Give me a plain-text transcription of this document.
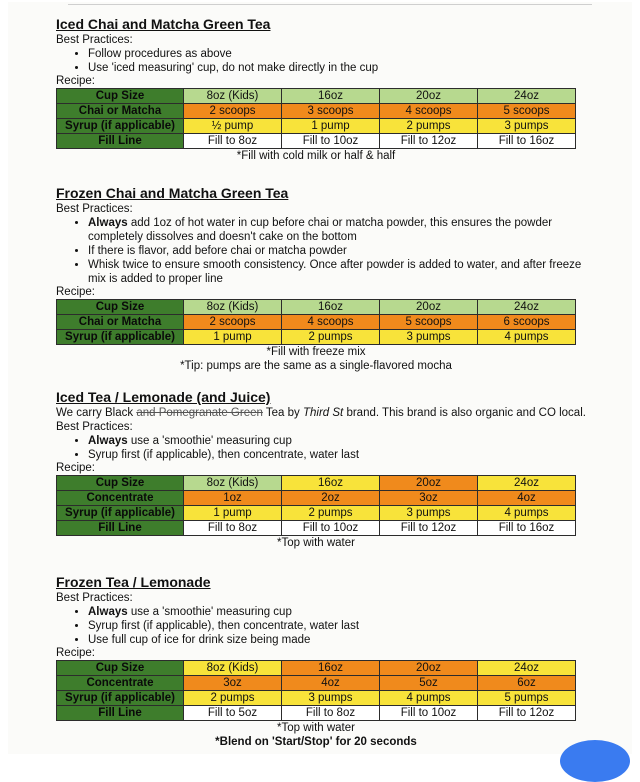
Iced Chai and Matcha Green Tea

Best Practices:

• Follow procedures as above
• Use 'iced measuring' cup, do not make directly in the cup

Recipe:

Cup Size	8oz (Kids)	16oz	20oz	24oz
Chai or Matcha	2 scoops	3 scoops	4 scoops	5 scoops
Syrup (if applicable)	½ pump	1 pump	2 pumps	3 pumps
Fill Line	Fill to 8oz	Fill to 10oz	Fill to 12oz	Fill to 16oz
*Fill with cold milk or half & half
Frozen Chai and Matcha Green Tea

Best Practices:

• Always add 1oz of hot water in cup before chai or matcha powder, this ensures the powder completely dissolves and doesn't cake on the bottom
• If there is flavor, add before chai or matcha powder
• Whisk twice to ensure smooth consistency. Once after powder is added to water, and after freeze mix is added to proper line

Recipe:

Cup Size	8oz (Kids)	16oz	20oz	24oz
Chai or Matcha	2 scoops	4 scoops	5 scoops	6 scoops
Syrup (if applicable)	1 pump	2 pumps	3 pumps	4 pumps
*Fill with freeze mix
*Tip: pumps are the same as a single-flavored mocha
Iced Tea / Lemonade (and Juice)

We carry Black and Pomegranate Green Tea by Third St brand. This brand is also organic and CO local.

Best Practices:

• Always use a 'smoothie' measuring cup
• Syrup first (if applicable), then concentrate, water last

Recipe:

Cup Size	8oz (Kids)	16oz	20oz	24oz
Concentrate	1oz	2oz	3oz	4oz
Syrup (if applicable)	1 pump	2 pumps	3 pumps	4 pumps
Fill Line	Fill to 8oz	Fill to 10oz	Fill to 12oz	Fill to 16oz
*Top with water
Frozen Tea / Lemonade

Best Practices:

• Always use a 'smoothie' measuring cup
• Syrup first (if applicable), then concentrate, water last
• Use full cup of ice for drink size being made

Recipe:

Cup Size	8oz (Kids)	16oz	20oz	24oz
Concentrate	3oz	4oz	5oz	6oz
Syrup (if applicable)	2 pumps	3 pumps	4 pumps	5 pumps
Fill Line	Fill to 5oz	Fill to 8oz	Fill to 10oz	Fill to 12oz
*Top with water
*Blend on 'Start/Stop' for 20 seconds
